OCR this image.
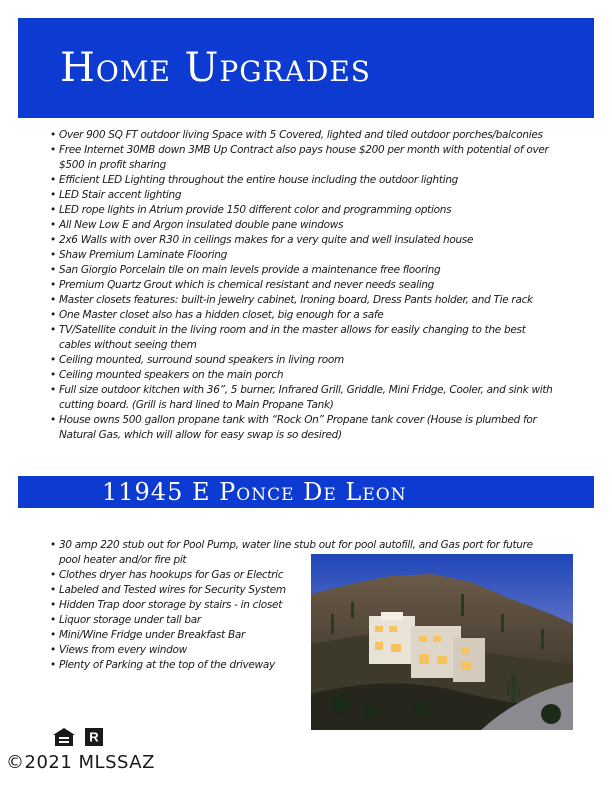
Home Upgrades
• Over 900 SQ FT outdoor living Space with 5 Covered, lighted and tiled outdoor porches/balconies
• Free Internet 30MB down 3MB Up Contract also pays house $200 per month with potential of over $500 in profit sharing
• Efficient LED Lighting throughout the entire house including the outdoor lighting
• LED Stair accent lighting
• LED rope lights in Atrium provide 150 different color and programming options
• All New Low E and Argon insulated double pane windows
• 2x6 Walls with over R30 in ceilings makes for a very quite and well insulated house
• Shaw Premium Laminate Flooring
• San Giorgio Porcelain tile on main levels provide a maintenance free flooring
• Premium Quartz Grout which is chemical resistant and never needs sealing
• Master closets features: built-in jewelry cabinet, Ironing board, Dress Pants holder, and Tie rack
• One Master closet also has a hidden closet, big enough for a safe
• TV/Satellite conduit in the living room and in the master allows for easily changing to the best cables without seeing them
• Ceiling mounted, surround sound speakers in living room
• Ceiling mounted speakers on the main porch
• Full size outdoor kitchen with 36”, 5 burner, Infrared Grill, Griddle, Mini Fridge, Cooler, and sink with cutting board. (Grill is hard lined to Main Propane Tank)
• House owns 500 gallon propane tank with “Rock On” Propane tank cover (House is plumbed for Natural Gas, which will allow for easy swap is so desired)
11945 E Ponce De Leon
• 30 amp 220 stub out for Pool Pump, water line stub out for pool autofill, and Gas port for future pool heater and/or fire pit
• Clothes dryer has hookups for Gas or Electric
• Labeled and Tested wires for Security System
• Hidden Trap door storage by stairs - in closet
• Liquor storage under tall bar
• Mini/Wine Fridge under Breakfast Bar
• Views from every window
• Plenty of Parking at the top of the driveway
R
©2021 MLSSAZ
